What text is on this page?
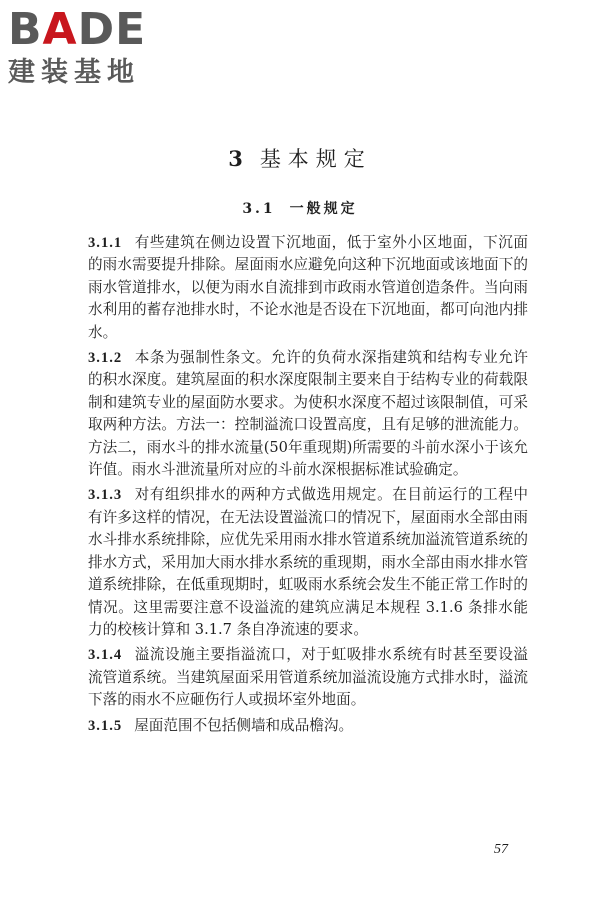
BADE
建装基地
3 基本规定
3.1 一般规定

3.1.1 有些建筑在侧边设置下沉地面，低于室外小区地面，下沉面的雨水需要提升排除。屋面雨水应避免向这种下沉地面或该地面下的雨水管道排水，以便为雨水自流排到市政雨水管道创造条件。当向雨水利用的蓄存池排水时，不论水池是否设在下沉地面，都可向池内排水。

3.1.2 本条为强制性条文。允许的负荷水深指建筑和结构专业允许的积水深度。建筑屋面的积水深度限制主要来自于结构专业的荷载限制和建筑专业的屋面防水要求。为使积水深度不超过该限制值，可采取两种方法。方法一：控制溢流口设置高度，且有足够的泄流能力。方法二，雨水斗的排水流量(50年重现期)所需要的斗前水深小于该允许值。雨水斗泄流量所对应的斗前水深根据标准试验确定。

3.1.3 对有组织排水的两种方式做选用规定。在目前运行的工程中有许多这样的情况，在无法设置溢流口的情况下，屋面雨水全部由雨水斗排水系统排除，应优先采用雨水排水管道系统加溢流管道系统的排水方式，采用加大雨水排水系统的重现期，雨水全部由雨水排水管道系统排除，在低重现期时，虹吸雨水系统会发生不能正常工作时的情况。这里需要注意不设溢流的建筑应满足本规程 3.1.6 条排水能力的校核计算和 3.1.7 条自净流速的要求。

3.1.4 溢流设施主要指溢流口，对于虹吸排水系统有时甚至要设溢流管道系统。当建筑屋面采用管道系统加溢流设施方式排水时，溢流下落的雨水不应砸伤行人或损坏室外地面。

3.1.5 屋面范围不包括侧墙和成品檐沟。

57
